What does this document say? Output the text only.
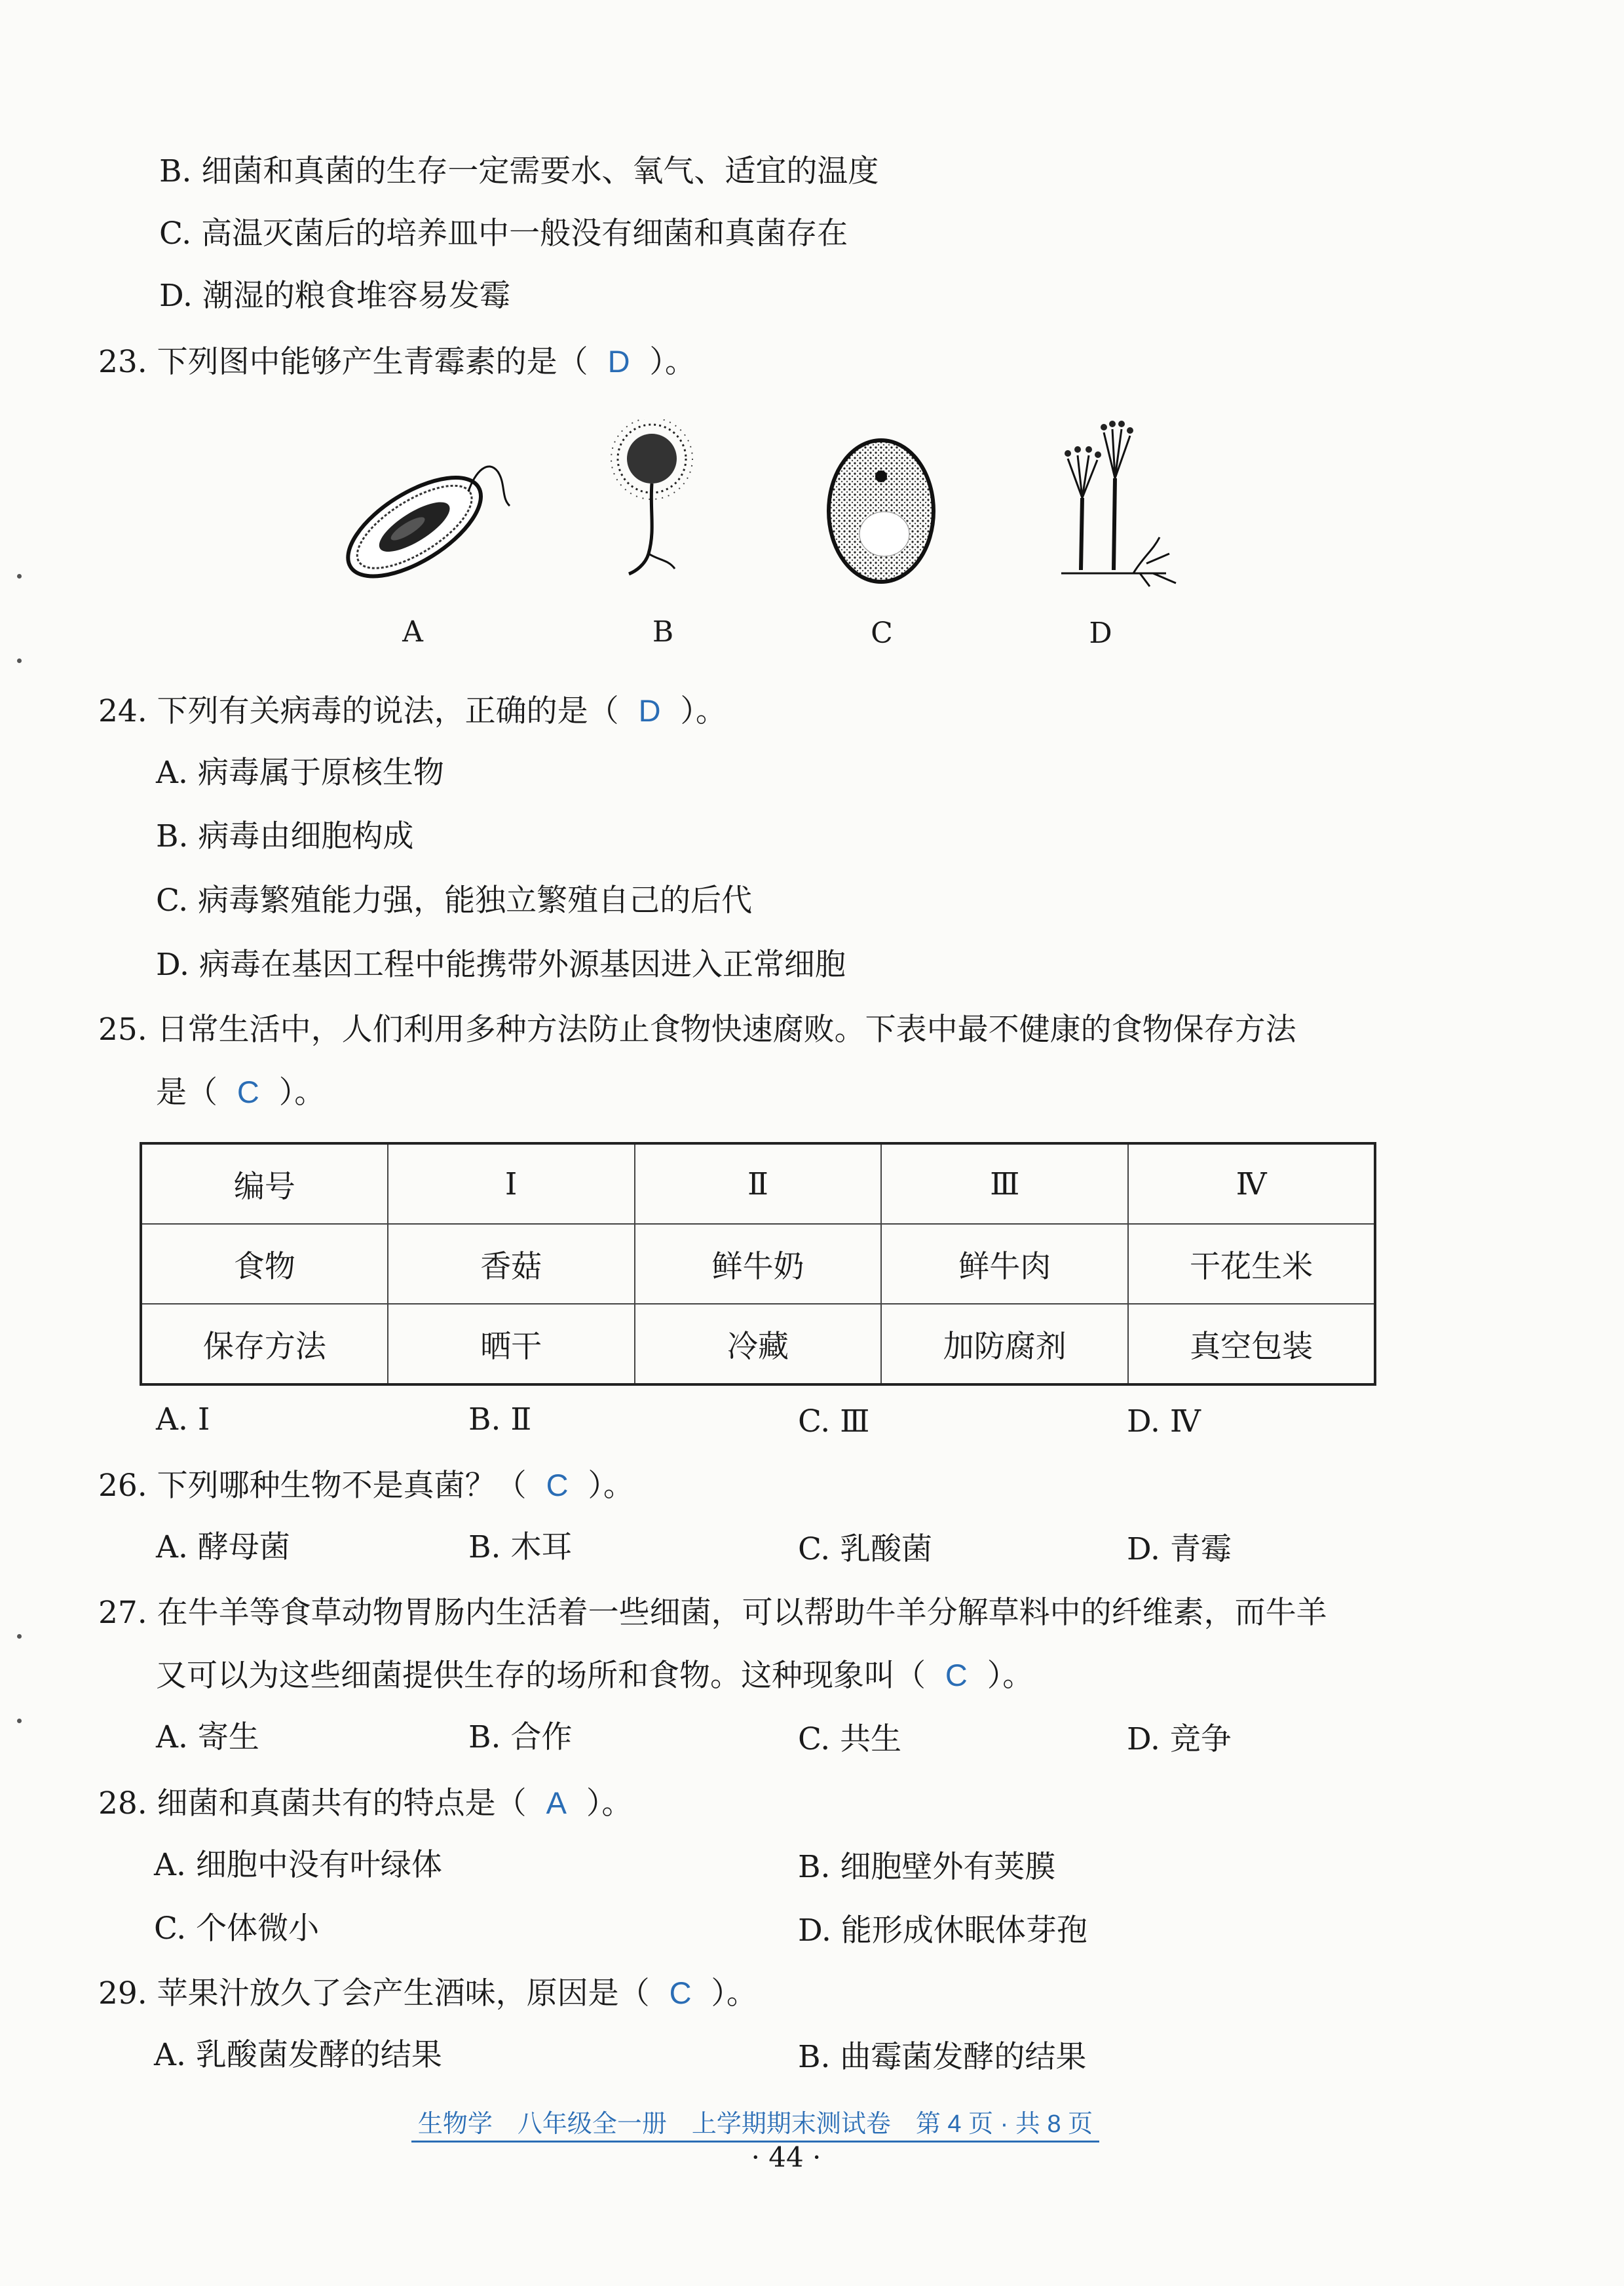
B. 细菌和真菌的生存一定需要水、氧气、适宜的温度
C. 高温灭菌后的培养皿中一般没有细菌和真菌存在
D. 潮湿的粮食堆容易发霉
23. 下列图中能够产生青霉素的是（ D ）。
A	B	C	D
24. 下列有关病毒的说法，正确的是（ D ）。
A. 病毒属于原核生物
B. 病毒由细胞构成
C. 病毒繁殖能力强，能独立繁殖自己的后代
D. 病毒在基因工程中能携带外源基因进入正常细胞
25. 日常生活中，人们利用多种方法防止食物快速腐败。下表中最不健康的食物保存方法
是（ C ）。
编号	Ⅰ	Ⅱ	Ⅲ	Ⅳ
食物	香菇	鲜牛奶	鲜牛肉	干花生米
保存方法	晒干	冷藏	加防腐剂	真空包装
A. Ⅰ	B. Ⅱ	C. Ⅲ	D. Ⅳ
26. 下列哪种生物不是真菌？（ C ）。
A. 酵母菌	B. 木耳	C. 乳酸菌	D. 青霉
27. 在牛羊等食草动物胃肠内生活着一些细菌，可以帮助牛羊分解草料中的纤维素，而牛羊
又可以为这些细菌提供生存的场所和食物。这种现象叫（ C ）。
A. 寄生	B. 合作	C. 共生	D. 竞争
28. 细菌和真菌共有的特点是（ A ）。
A. 细胞中没有叶绿体	B. 细胞壁外有荚膜
C. 个体微小	D. 能形成休眠体芽孢
29. 苹果汁放久了会产生酒味，原因是（ C ）。
A. 乳酸菌发酵的结果	B. 曲霉菌发酵的结果
生物学　八年级全一册　上学期期末测试卷　第 4 页 · 共 8 页
· 44 ·
